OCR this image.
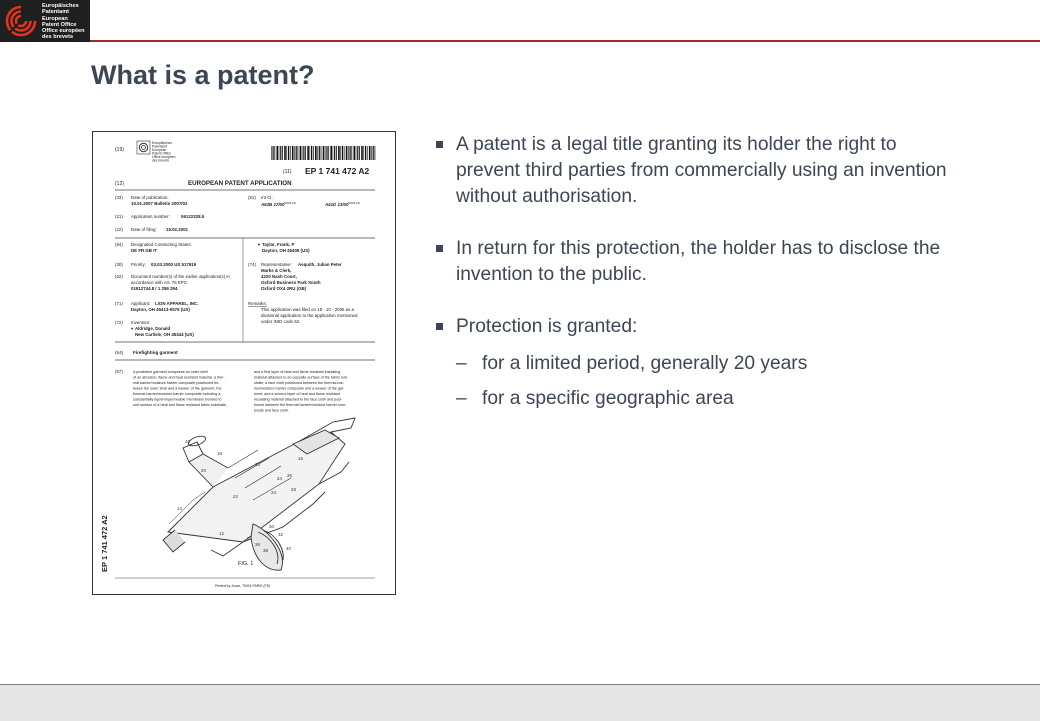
Europäisches
Patentamt
European
Patent Office
Office européen
des brevets
What is a patent?
(19)
Europäisches
Patentamt
European
Patent Office
Office européen
des brevets
(11) EP 1 741 472 A2
(12)	EUROPEAN PATENT APPLICATION
(43) Date of publication:
10.01.2007 Bulletin 2007/02
(51) Int Cl.:
A62B 17/00 (2006.01)	A41D 13/00 (2006.01)
(21) Application number:	06122328.5
(22) Date of filing: 15.02.2001
(84) Designated Contracting States:
DE FR GB IT
Taylor, Frank, P
Dayton, OH 45409 (US)
(30) Priority: 03.03.2000 US 517919	(74) Representative: Asquith, Julian Peter
Marks & Clerk,
4220 Nash Court,
Oxford Business Park South
Oxford OX4 2RU (GB)
(62) Document number(s) of the earlier application(s) in
accordance with Art. 76 EPC:
01912744.8 / 1 259 294
(71) Applicant: LION APPAREL, INC.
Dayton, OH 45413-0576 (US)
Remarks:
This application was filed on 18 - 10 - 2006 as a
divisional application to the application mentioned
under INID code 62.
(72) Inventors:
Aldridge, Donald
New Carlisle, OH 45344 (US)
(54) Firefighting garment
(57)	A protective garment comprises an outer shell
of an abrasion, flame and heat resistant material, a ther-
mal barrier/moisture barrier composite positioned be-
tween the outer shell and a wearer of the garment, the
thermal barrier/moisture barrier composite including a
substantially liquid-impermeable membrane bonded to
one surface of a heat and flame resistant fabric substrate,
and a first layer of heat and flame resistant insulating
material attached to an opposite surface of the fabric sub-
strate; a face cloth positioned between the thermal bar-
rier/moisture barrier composite and a wearer of the gar-
ment; and a second layer of heat and flame resistant
insulating material attached to the face cloth and posi-
tioned between the thermal barrier/moisture barrier com-
posite and face cloth.
EP 1 741 472 A2
10
18
16
20
24
14
22
26
28
24
24
12
34
36
38
32
30
40
FIG. 1
Printed by Jouve, 75001 PARIS (FR)
A patent is a legal title granting its holder the right to prevent third parties from commercially using an invention without authorisation.
In return for this protection, the holder has to disclose the invention to the public.
Protection is granted:
– for a limited period, generally 20 years
– for a specific geographic area
